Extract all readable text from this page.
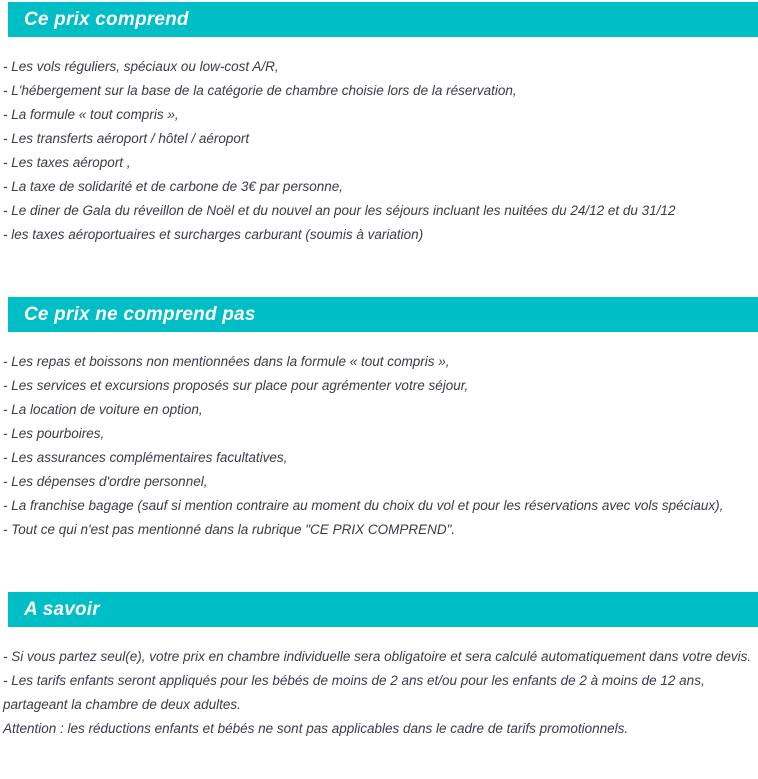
Ce prix comprend

- Les vols réguliers, spéciaux ou low-cost A/R,

- L'hébergement sur la base de la catégorie de chambre choisie lors de la réservation,

- La formule « tout compris »,

- Les transferts aéroport / hôtel / aéroport

- Les taxes aéroport ,

- La taxe de solidarité et de carbone de 3€ par personne,

- Le diner de Gala du réveillon de Noël et du nouvel an pour les séjours incluant les nuitées du 24/12 et du 31/12

- les taxes aéroportuaires et surcharges carburant (soumis à variation)

Ce prix ne comprend pas

- Les repas et boissons non mentionnées dans la formule « tout compris »,

- Les services et excursions proposés sur place pour agrémenter votre séjour,

- La location de voiture en option,

- Les pourboires,

- Les assurances complémentaires facultatives,

- Les dépenses d'ordre personnel,

- La franchise bagage (sauf si mention contraire au moment du choix du vol et pour les réservations avec vols spéciaux),

- Tout ce qui n'est pas mentionné dans la rubrique "CE PRIX COMPREND".

A savoir

- Si vous partez seul(e), votre prix en chambre individuelle sera obligatoire et sera calculé automatiquement dans votre devis.

- Les tarifs enfants seront appliqués pour les bébés de moins de 2 ans et/ou pour les enfants de 2 à moins de 12 ans, partageant la chambre de deux adultes.

Attention : les réductions enfants et bébés ne sont pas applicables dans le cadre de tarifs promotionnels.
